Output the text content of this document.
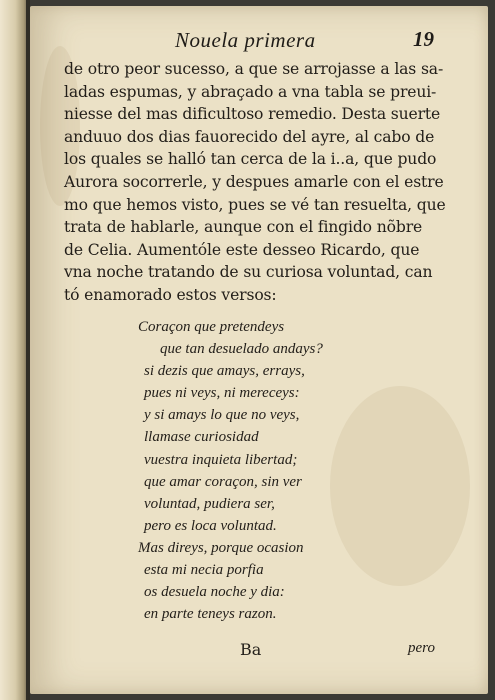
Nouela primera	19
de otro peor sucesso, a que se arrojasse a las sa-
ladas espumas, y abraçado a vna tabla se preui-
niesse del mas dificultoso remedio. Desta suerte
anduuo dos dias fauorecido del ayre, al cabo de
los quales se halló tan cerca de la i..a, que pudo
Aurora socorrerle, y despues amarle con el estre
mo que hemos visto, pues se vé tan resuelta, que
trata de hablarle, aunque con el fingido nõbre
de Celia. Aumentóle este desseo Ricardo, que
vna noche tratando de su curiosa voluntad, can
tó enamorado estos versos:
Coraçon que pretendeys
que tan desuelado andays?
si dezis que amays, errays,
pues ni veys, ni mereceys:
y si amays lo que no veys,
llamase curiosidad
vuestra inquieta libertad;
que amar coraçon, sin ver
voluntad, pudiera ser,
pero es loca voluntad.
Mas direys, porque ocasion
esta mi necia porfia
os desuela noche y dia:
en parte teneys razon.
Ba	pero
